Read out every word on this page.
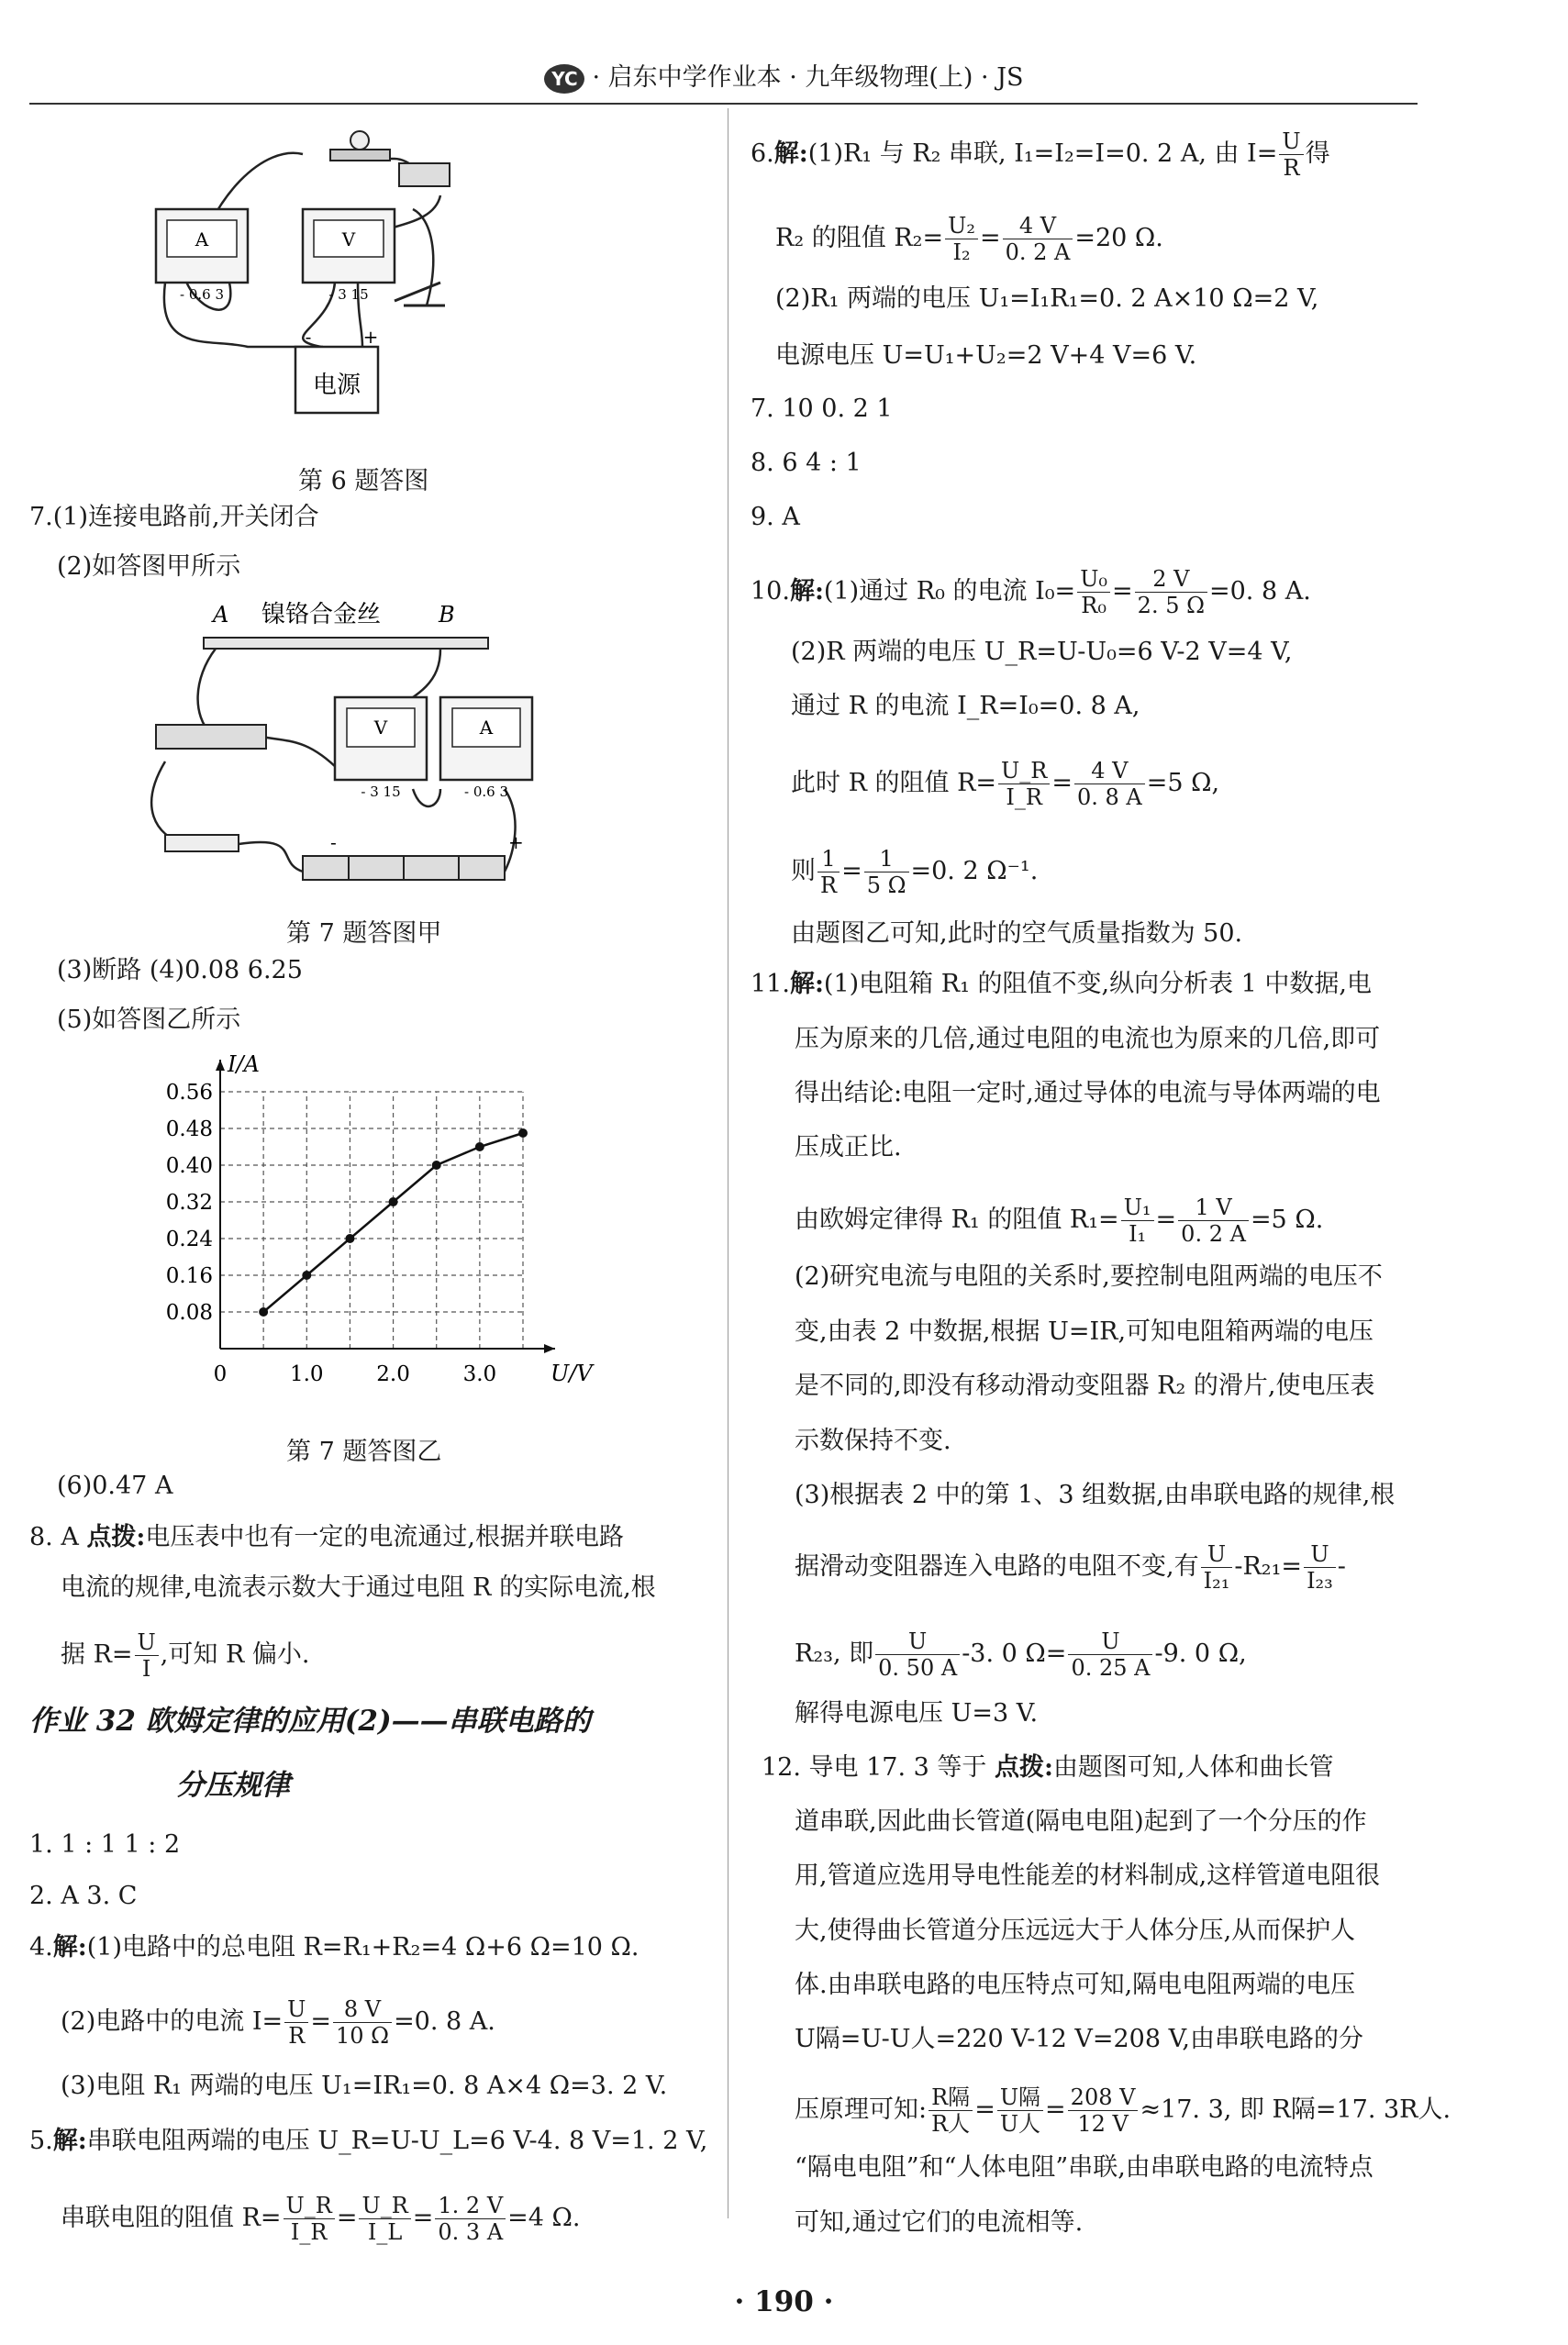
YC · 启东中学作业本 · 九年级物理(上) · JS
A
- 0.6 3
V
- 3 15
电源
-	+
第 6 题答图
7.(1)连接电路前,开关闭合
(2)如答图甲所示
A 镍铬合金丝	B
V
- 3 15
A
- 0.6 3
-	+
第 7 题答图甲
(3)断路 (4)0.08 6.25
(5)如答图乙所示
0.08
0.16
0.24
0.32
0.40
0.48
0.56
0	1.0	2.0	3.0
I/A
U/V
第 7 题答图乙
(6)0.47 A
8. A 点拨:电压表中也有一定的电流通过,根据并联电路
电流的规律,电流表示数大于通过电阻 R 的实际电流,根
据 $R= \frac{U}{I}$ ,可知 R 偏小.
作业 32 欧姆定律的应用(2)——串联电路的
分压规律
1. 1 : 1 1 : 2
2. A 3. C
4.解:(1)电路中的总电阻 R=R₁+R₂=4 Ω+6 Ω=10 Ω.
(2)电路中的电流 $I= \frac{U}{R} = \frac{8 V}{10 \Omega} =0$. 8 A.
(3)电阻 R₁ 两端的电压 U₁=IR₁=0. 8 A×4 Ω=3. 2 V.
5.解:串联电阻两端的电压 U_R=U-U_L=6 V-4. 8 V=1. 2 V,
串联电阻的阻值 $R= \frac{U\_R}{I\_R} = \frac{U\_R}{I\_L} = \frac{1. 2 V}{0. 3 A} =4$ Ω.
6.解:(1)R₁ 与 R₂ 串联, I₁=I₂=I=0. 2 A, 由 $I= \frac{U}{R}$ 得
R₂ 的阻值 $R_2= \frac{\text{U₂}}{\text{I₂}} = \frac{4 V}{0. 2 A} =20$ Ω.
(2)R₁ 两端的电压 U₁=I₁R₁=0. 2 A×10 Ω=2 V,
电源电压 U=U₁+U₂=2 V+4 V=6 V.
7. 10 0. 2 1
8. 6 4 : 1
9. A
10.解:(1)通过 R₀ 的电流 $I_0= \frac{\text{U₀}}{\text{R₀}} = \frac{2 V}{2. 5 \Omega} =0$. 8 A.
(2)R 两端的电压 U_R=U-U₀=6 V-2 V=4 V,
通过 R 的电流 I_R=I₀=0. 8 A,
此时 R 的阻值 $R= \frac{U\_R}{I\_R} = \frac{4 V}{0. 8 A} =5$ Ω,
则 $\frac{1}{R} = \frac{1}{5 \Omega} =0$. 2 Ω⁻¹.
由题图乙可知,此时的空气质量指数为 50.
11.解:(1)电阻箱 R₁ 的阻值不变,纵向分析表 1 中数据,电
压为原来的几倍,通过电阻的电流也为原来的几倍,即可
得出结论:电阻一定时,通过导体的电流与导体两端的电
压成正比.
由欧姆定律得 R₁ 的阻值 $R_1= \frac{\text{U₁}}{\text{I₁}} = \frac{1 V}{0. 2 A} =5$ Ω.
(2)研究电流与电阻的关系时,要控制电阻两端的电压不
变,由表 2 中数据,根据 U=IR,可知电阻箱两端的电压
是不同的,即没有移动滑动变阻器 R₂ 的滑片,使电压表
示数保持不变.
(3)根据表 2 中的第 1、3 组数据,由串联电路的规律,根
据滑动变阻器连入电路的电阻不变,有 $\frac{U}{\text{I₂₁}} -R_{21}= \frac{U}{\text{I₂₃}}$ -
R₂₃, 即 $\frac{U}{0. 50 A} -3$. 0 $\Omega= \frac{U}{0. 25 A} -9$. 0 Ω,
解得电源电压 U=3 V.
12. 导电 17. 3 等于 点拨:由题图可知,人体和曲长管
道串联,因此曲长管道(隔电电阻)起到了一个分压的作
用,管道应选用导电性能差的材料制成,这样管道电阻很
大,使得曲长管道分压远远大于人体分压,从而保护人
体.由串联电路的电压特点可知,隔电电阻两端的电压
U隔=U-U人=220 V-12 V=208 V,由串联电路的分
压原理可知: $\frac{\text{R隔}}{\text{R人}} = \frac{\text{U隔}}{\text{U人}} = \frac{208 V}{12 V} \approx 17$. 3, 即 R隔=17. 3R人.
“隔电电阻”和“人体电阻”串联,由串联电路的电流特点
可知,通过它们的电流相等.
· 190 ·
